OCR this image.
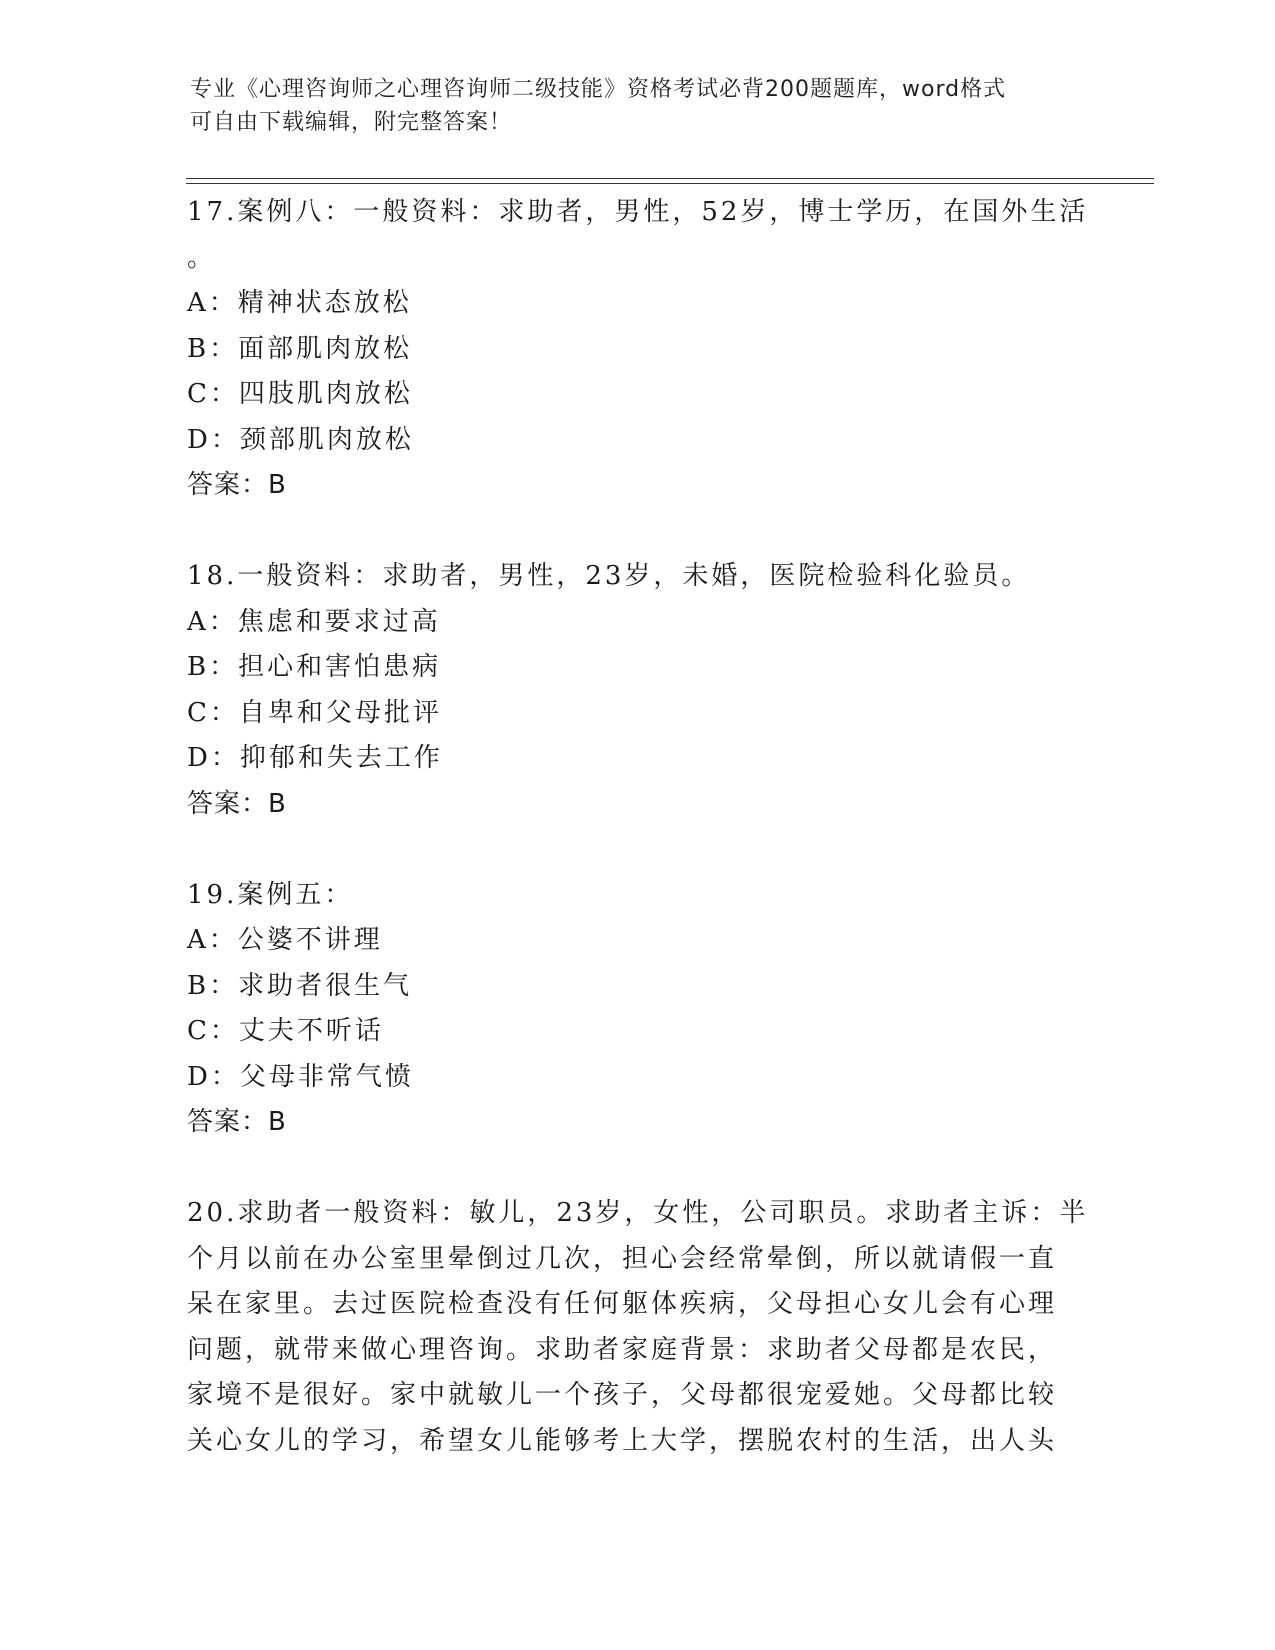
专业《心理咨询师之心理咨询师二级技能》资格考试必背200题题库，word格式
可自由下载编辑，附完整答案！
17.案例八：一般资料：求助者，男性，52岁，博士学历，在国外生活
。
A：精神状态放松
B：面部肌肉放松
C：四肢肌肉放松
D：颈部肌肉放松
答案：B
18.一般资料：求助者，男性，23岁，未婚，医院检验科化验员。
A：焦虑和要求过高
B：担心和害怕患病
C：自卑和父母批评
D：抑郁和失去工作
答案：B
19.案例五：
A：公婆不讲理
B：求助者很生气
C：丈夫不听话
D：父母非常气愤
答案：B
20.求助者一般资料：敏儿，23岁，女性，公司职员。求助者主诉：半
个月以前在办公室里晕倒过几次，担心会经常晕倒，所以就请假一直
呆在家里。去过医院检查没有任何躯体疾病，父母担心女儿会有心理
问题，就带来做心理咨询。求助者家庭背景：求助者父母都是农民，
家境不是很好。家中就敏儿一个孩子，父母都很宠爱她。父母都比较
关心女儿的学习，希望女儿能够考上大学，摆脱农村的生活，出人头
